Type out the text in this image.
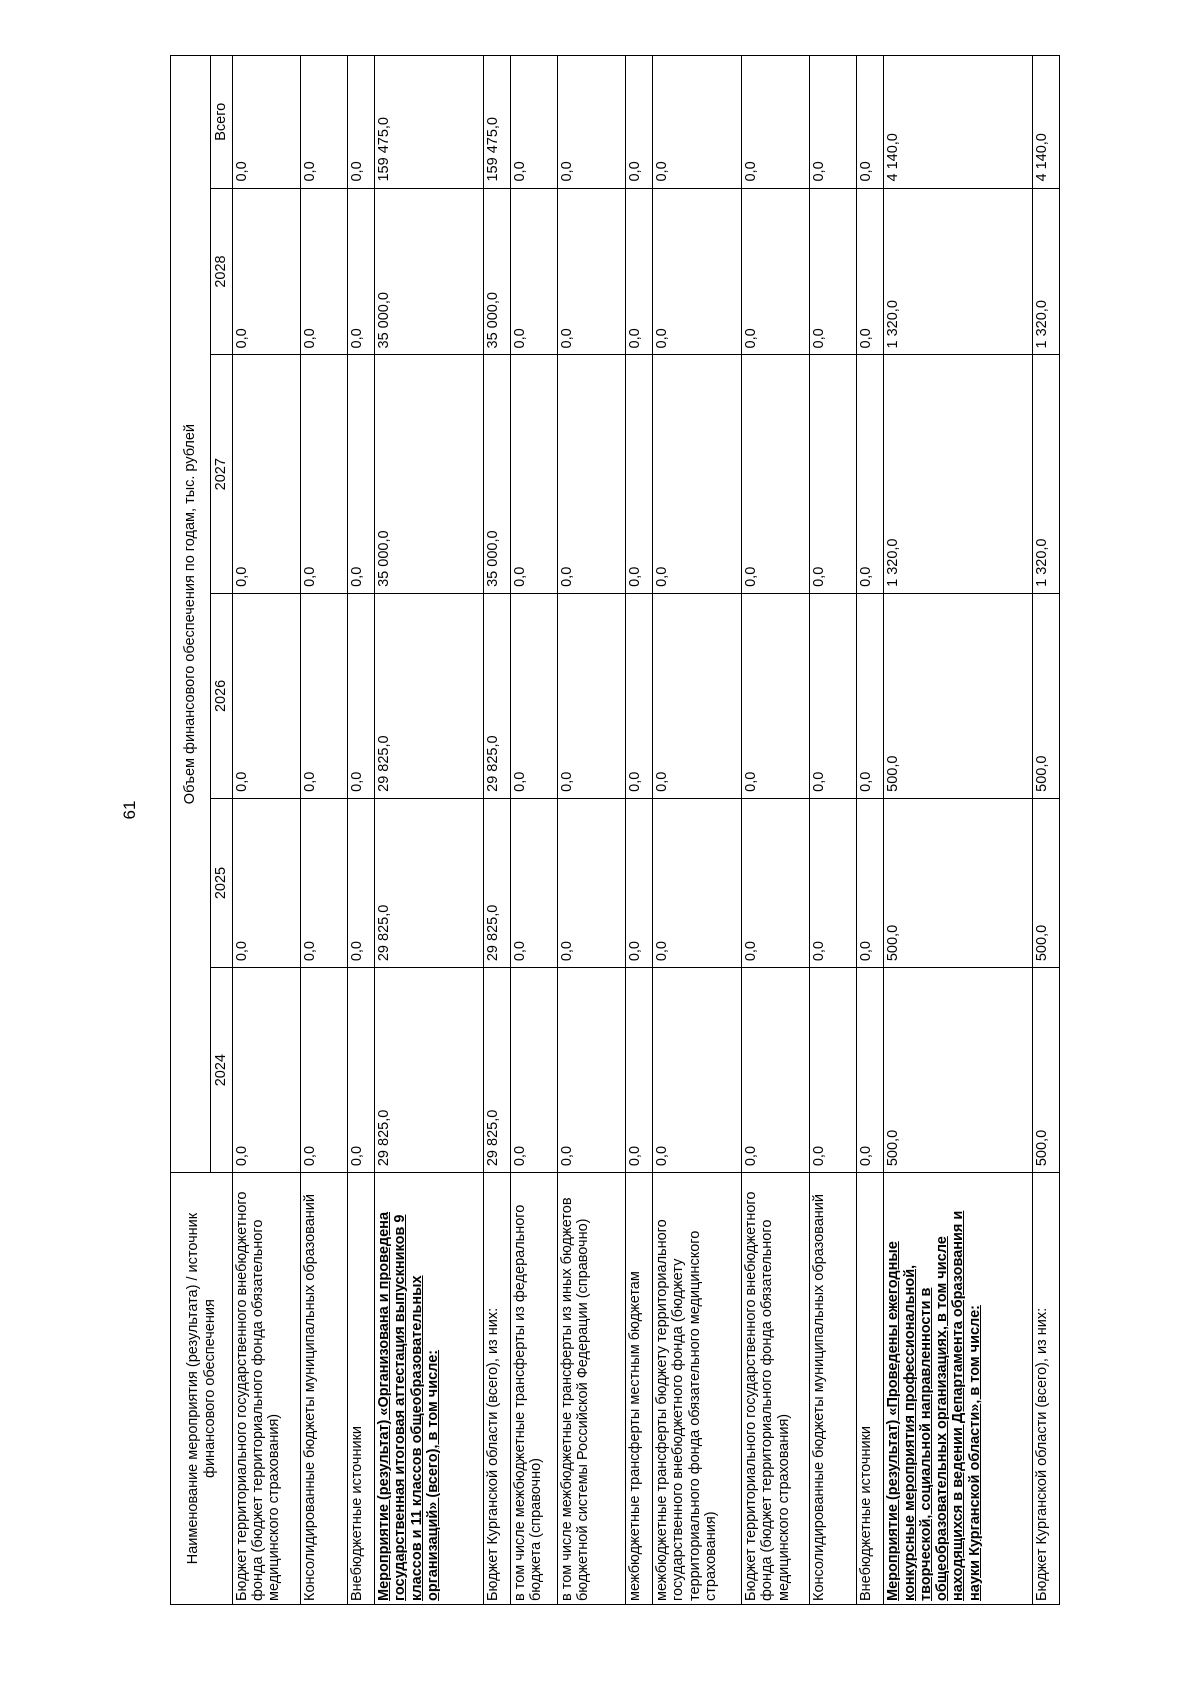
61
Наименование мероприятия (результата) / источник финансового обеспечения	Объем финансового обеспечения по годам, тыс. рублей					
	2024	2025	2026	2027	2028	Всего
Бюджет территориального государственного внебюджетного фонда (бюджет территориального фонда обязательного медицинского страхования)	0,0	0,0	0,0	0,0	0,0	0,0
Консолидированные бюджеты муниципальных образований	0,0	0,0	0,0	0,0	0,0	0,0
Внебюджетные источники	0,0	0,0	0,0	0,0	0,0	0,0
Мероприятие (результат) «Организована и проведена государственная итоговая аттестация выпускников 9 классов и 11 классов общеобразовательных организаций» (всего), в том числе:	29 825,0	29 825,0	29 825,0	35 000,0	35 000,0	159 475,0
Бюджет Курганской области (всего), из них:	29 825,0	29 825,0	29 825,0	35 000,0	35 000,0	159 475,0
в том числе межбюджетные трансферты из федерального бюджета (справочно)	0,0	0,0	0,0	0,0	0,0	0,0
в том числе межбюджетные трансферты из иных бюджетов бюджетной системы Российской Федерации (справочно)	0,0	0,0	0,0	0,0	0,0	0,0
межбюджетные трансферты местным бюджетам	0,0	0,0	0,0	0,0	0,0	0,0
межбюджетные трансферты бюджету территориального государственного внебюджетного фонда (бюджету территориального фонда обязательного медицинского страхования)	0,0	0,0	0,0	0,0	0,0	0,0
Бюджет территориального государственного внебюджетного фонда (бюджет территориального фонда обязательного медицинского страхования)	0,0	0,0	0,0	0,0	0,0	0,0
Консолидированные бюджеты муниципальных образований	0,0	0,0	0,0	0,0	0,0	0,0
Внебюджетные источники	0,0	0,0	0,0	0,0	0,0	0,0
Мероприятие (результат) «Проведены ежегодные конкурсные мероприятия профессиональной, творческой, социальной направленности в общеобразовательных организациях, в том числе находящихся в ведении Департамента образования и науки Курганской области», в том числе:	500,0	500,0	500,0	1 320,0	1 320,0	4 140,0
Бюджет Курганской области (всего), из них:	500,0	500,0	500,0	1 320,0	1 320,0	4 140,0
